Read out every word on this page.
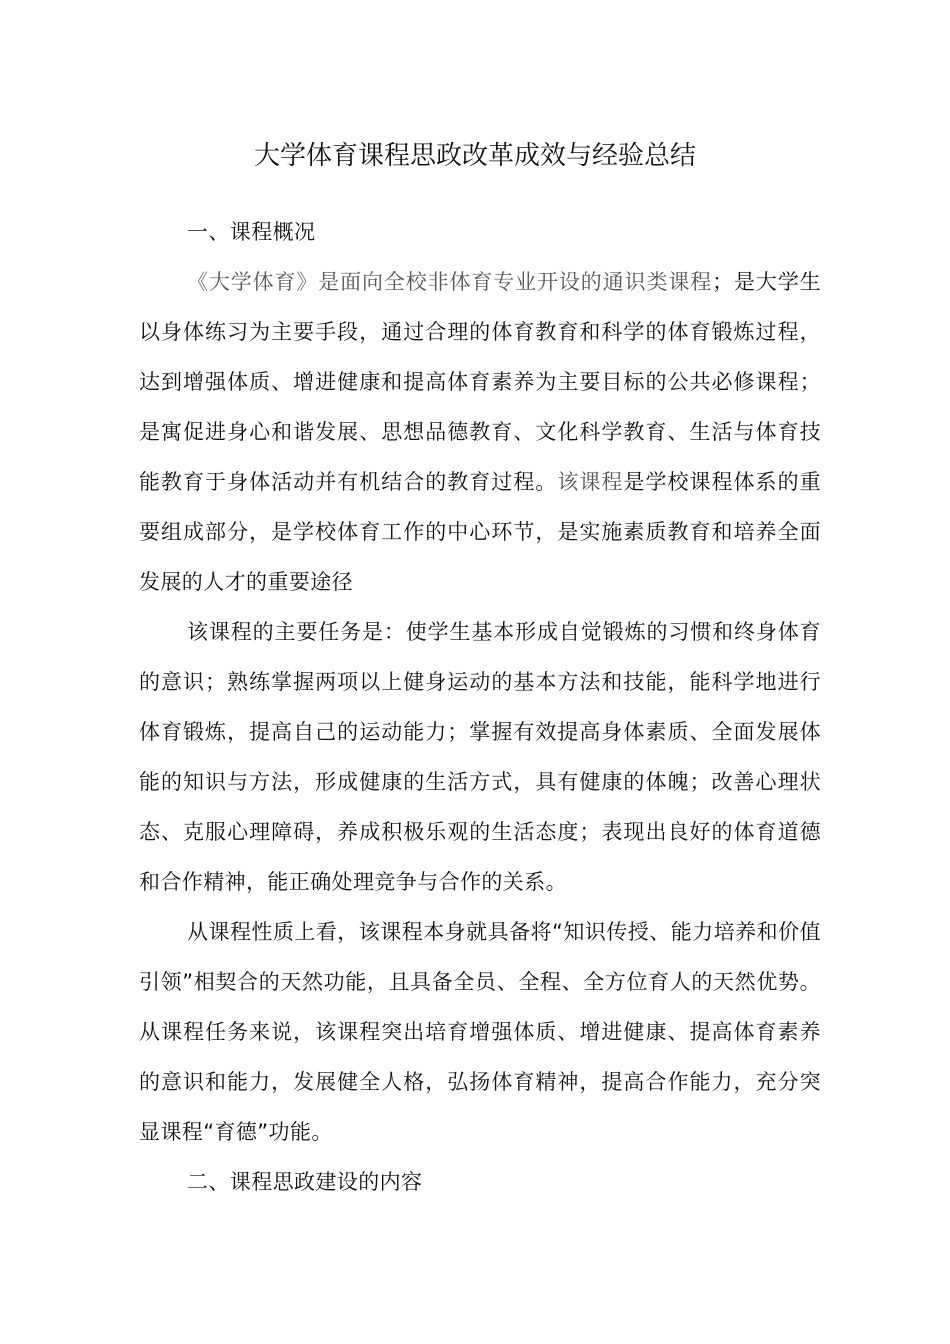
大学体育课程思政改革成效与经验总结
一、课程概况

《大学体育》是面向全校非体育专业开设的通识类课程；是大学生以身体练习为主要手段，通过合理的体育教育和科学的体育锻炼过程，达到增强体质、增进健康和提高体育素养为主要目标的公共必修课程；是寓促进身心和谐发展、思想品德教育、文化科学教育、生活与体育技能教育于身体活动并有机结合的教育过程。该课程是学校课程体系的重要组成部分，是学校体育工作的中心环节，是实施素质教育和培养全面发展的人才的重要途径

该课程的主要任务是：使学生基本形成自觉锻炼的习惯和终身体育的意识；熟练掌握两项以上健身运动的基本方法和技能，能科学地进行体育锻炼，提高自己的运动能力；掌握有效提高身体素质、全面发展体能的知识与方法，形成健康的生活方式，具有健康的体魄；改善心理状态、克服心理障碍，养成积极乐观的生活态度；表现出良好的体育道德和合作精神，能正确处理竞争与合作的关系。

从课程性质上看，该课程本身就具备将“知识传授、能力培养和价值引领”相契合的天然功能，且具备全员、全程、全方位育人的天然优势。从课程任务来说，该课程突出培育增强体质、增进健康、提高体育素养的意识和能力，发展健全人格，弘扬体育精神，提高合作能力，充分突显课程“育德”功能。

二、课程思政建设的内容
